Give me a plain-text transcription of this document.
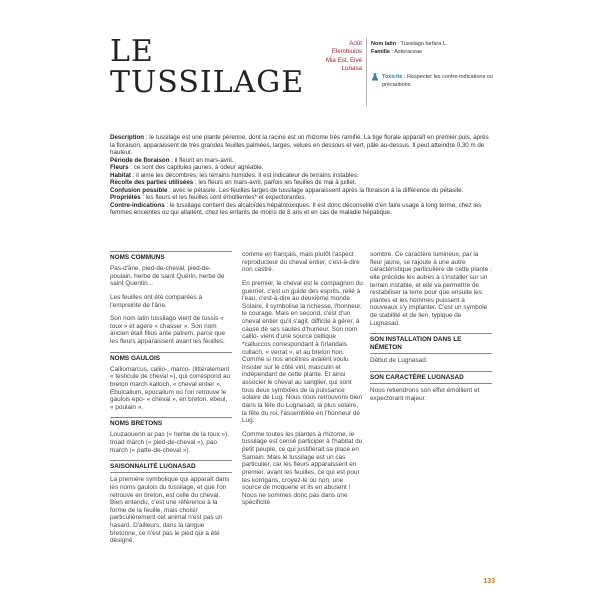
LE
TUSSILAGE
Août
Elembiuios
Mia Est, Eivé
Lúnasa
Nom latin : Tussilago farfara L.
Famille : Asteraceae
Toxicité : Respecter les contre-indications ou précautions

Description : le tussilage est une plante pérenne, dont la racine est un rhizome très ramifié. La tige florale apparaît en premier puis, après la floraison, apparaissent de très grandes feuilles palmées, larges, velues en dessous et vert, pâle au-dessus. Il peut atteindre 0,30 m de hauteur.

Période de floraison : il fleurit en mars-avril.

Fleurs : ce sont des capitules jaunes, à odeur agréable.

Habitat : il aime les décombres, les terrains humides. Il est indicateur de terrains instables.

Récolte des parties utilisées : les fleurs en mars-avril, parfois les feuilles de mai à juillet.

Confusion possible : avec le pétasite. Les feuilles larges de tussilage apparaissent après la floraison à la différence du pétasite.

Propriétés : les fleurs et les feuilles sont émollientes* et expectorantes.

Contre-indications : le tussilage contient des alcaloïdes hépatotoxiques. Il est donc déconseillé d'en faire usage à long terme, chez les femmes enceintes ou qui allaitent, chez les enfants de moins de 8 ans et en cas de maladie hépatique.

NOMS COMMUNS

Pas-d'âne, pied-de-cheval, pied-de-poulain, herbe de saint Quérin, herbe de saint Quentin...

Les feuilles ont été comparées à l'empreinte de l'âne.

Son nom latin tussilago vient de tussis « toux » et agere « chasser ». Son nom ancien était filius ante patrem, parce que les fleurs apparaissent avant les feuilles.

NOMS GAULOIS

Calliomarcus, caliio-, marco- (littéralement « testicule de cheval »), qui correspond au breton march kalloch, « cheval entier ». Ebulcalium, epocalium où l'on retrouve le gaulois epo- « cheval », en breton, ebeul, « poulain ».

NOMS BRETONS

Louzaouenn ar pas (« herbe de la toux »), troad march (« pied-de-cheval »), pao march (« patte-de-cheval »).

SAISONNALITÉ LUGNASAD

La première symbolique qui apparaît dans les noms gaulois du tussilage, et que l'on retrouve en breton, est celle du cheval. Bien entendu, c'est une référence à la forme de la feuille, mais choisir particulièrement cet animal n'est pas un hasard. D'ailleurs, dans la langue bretonne, ce n'est pas le pied qui a été désigné,

comme en français, mais plutôt l'aspect reproducteur du cheval entier, c'est-à-dire non castré.

En premier, le cheval est le compagnon du guerrier, c'est un guide des esprits, relié à l'eau, c'est-à-dire au deuxième monde. Solaire, il symbolise la richesse, l'honneur, le courage. Mais en second, c'est d'un cheval entier qu'il s'agit, difficile à gérer, à cause de ses sautes d'humeur. Son nom calllo- vient d'une source celtique *calluccos correspondant à l'irlandais cullach, « verrat », et au breton hon. Comme si nos ancêtres avaient voulu insister sur le côté viril, masculin et indépendant de cette plante. Et ainsi associer le cheval au sanglier, qui sont tous deux symboles de la puissance solaire de Lug. Nous nous retrouvons bien dans la fête du Lugnasad, la plus solaire, la fête du roi, l'assemblée en l'honneur de Lug.

Comme toutes les plantes à rhizome, le tussilage est censé participer à l'habitat du petit peuple, ce qui justifierait sa place en Samain. Mais le tussilage est un cas particulier, car les fleurs apparaissent en premier, avant les feuilles, ce qui est pour les korrigans, croyez-le ou non, une source de moquerie et ils en abusent ! Nous ne sommes donc pas dans une spécificité

sombre. Ce caractère lumineux, par la fleur jaune, se rajoute à une autre caractéristique particulière de cette plante : elle précède les autres à s'installer sur un terrain instable, et elle va permettre de restabiliser la terre pour que ensuite les plantes et les hommes puissent à nouveaux s'y implanter. C'est un symbole de stabilité et de lien, typique de Lugnasad.

SON INSTALLATION DANS LE NÉMETON

Début de Lugnasad.

SON CARACTÈRE LUGNASAD

Nous retiendrons son effet émollient et expectorant majeur.

133
